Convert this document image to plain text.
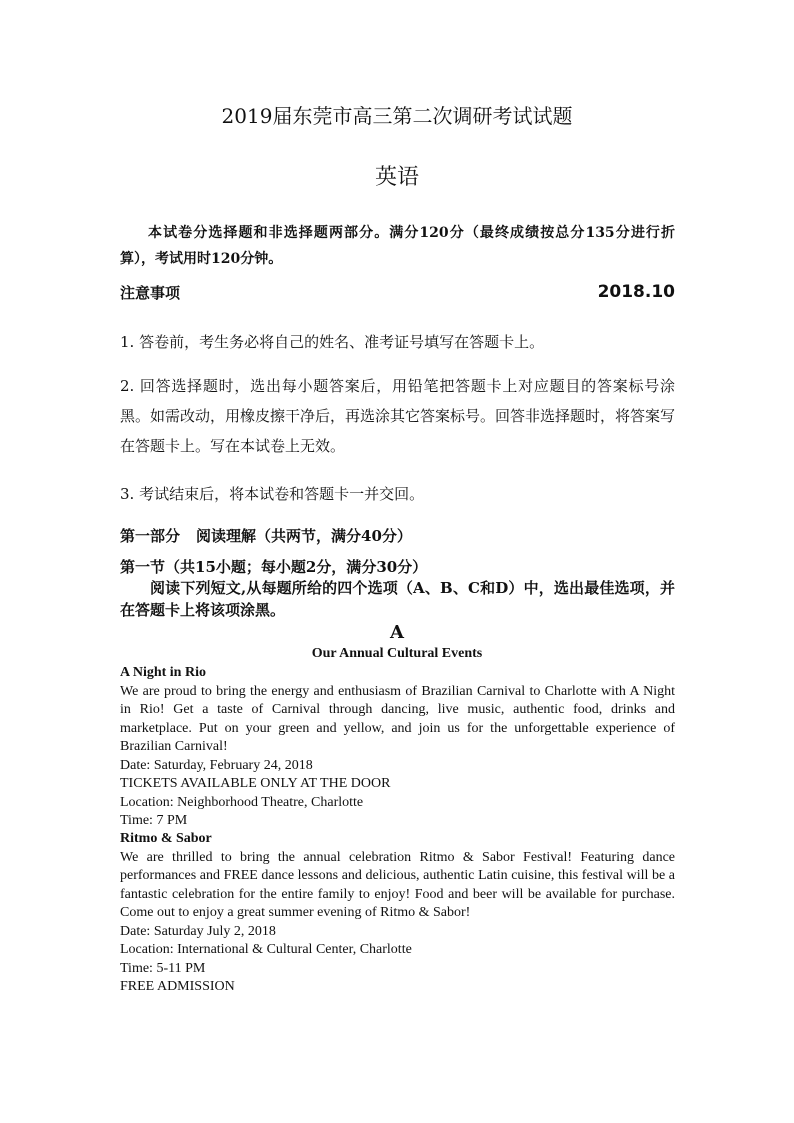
2019届东莞市高三第二次调研考试试题
英语
本试卷分选择题和非选择题两部分。满分120分（最终成绩按总分135分进行折算），考试用时120分钟。
注意事项	2018.10
1. 答卷前，考生务必将自己的姓名、准考证号填写在答题卡上。
2. 回答选择题时，选出每小题答案后，用铅笔把答题卡上对应题目的答案标号涂黑。如需改动，用橡皮擦干净后，再选涂其它答案标号。回答非选择题时，将答案写在答题卡上。写在本试卷上无效。
3. 考试结束后，将本试卷和答题卡一并交回。
第一部分 阅读理解（共两节，满分40分）
第一节（共15小题；每小题2分，满分30分）
阅读下列短文,从每题所给的四个选项（A、B、C和D）中，选出最佳选项，并在答题卡上将该项涂黑。
A
Our Annual Cultural Events
A Night in Rio
We are proud to bring the energy and enthusiasm of Brazilian Carnival to Charlotte with A Night in Rio! Get a taste of Carnival through dancing, live music, authentic food, drinks and marketplace. Put on your green and yellow, and join us for the unforgettable experience of Brazilian Carnival!
Date: Saturday, February 24, 2018
TICKETS AVAILABLE ONLY AT THE DOOR
Location: Neighborhood Theatre, Charlotte
Time: 7 PM
Ritmo & Sabor
We are thrilled to bring the annual celebration Ritmo & Sabor Festival! Featuring dance performances and FREE dance lessons and delicious, authentic Latin cuisine, this festival will be a fantastic celebration for the entire family to enjoy! Food and beer will be available for purchase. Come out to enjoy a great summer evening of Ritmo & Sabor!
Date: Saturday July 2, 2018
Location: International & Cultural Center, Charlotte
Time: 5-11 PM
FREE ADMISSION
